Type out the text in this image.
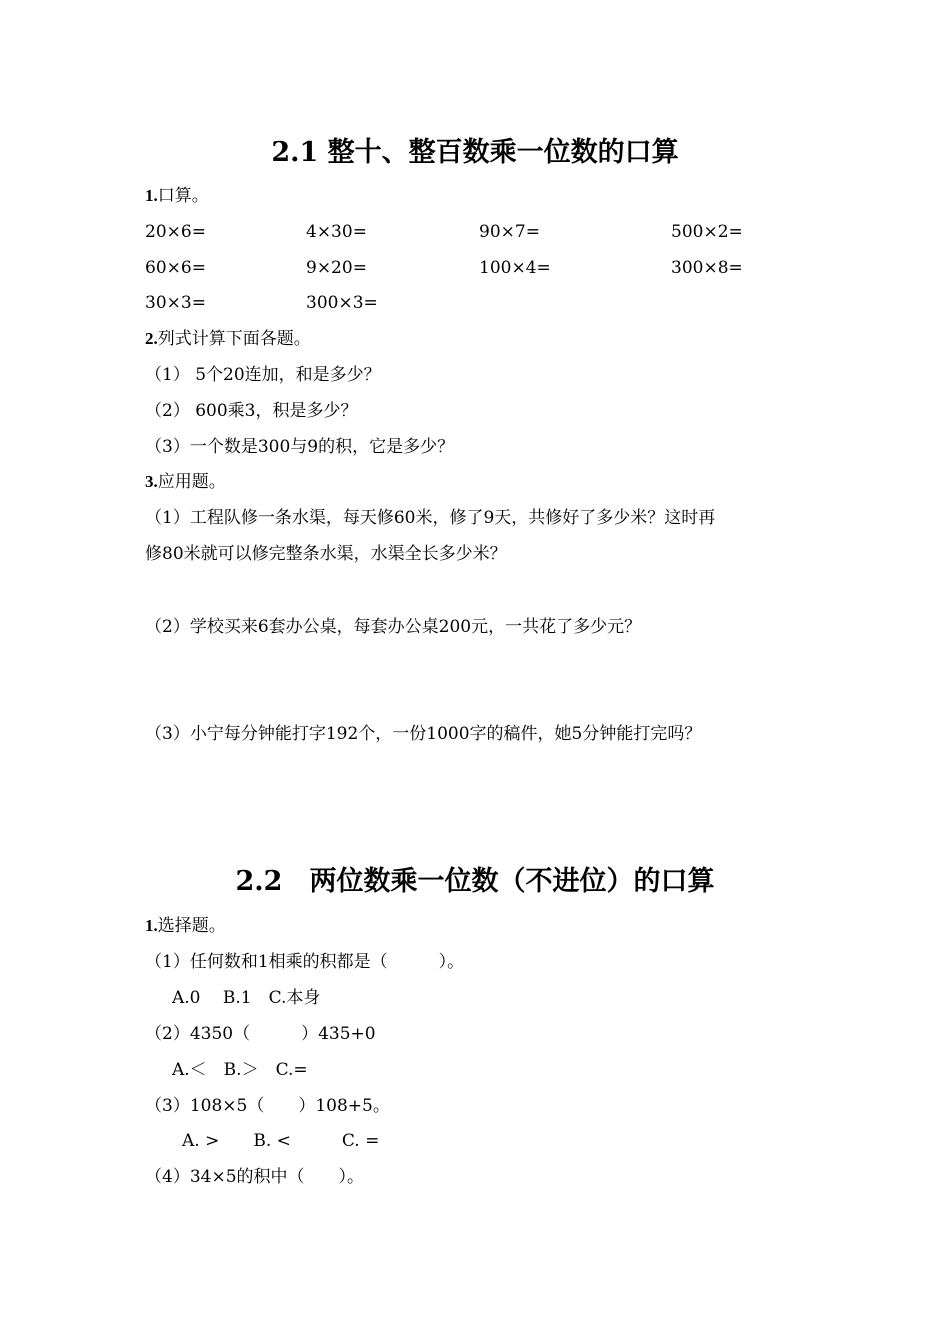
2.1 整十、整百数乘一位数的口算
1.口算。
20×6=	4×30=	90×7=	500×2=
60×6=	9×20=	100×4=	300×8=
30×3=	300×3=
2.列式计算下面各题。
（1） 5个20连加，和是多少？
（2） 600乘3，积是多少？
（3）一个数是300与9的积，它是多少？
3.应用题。
（1）工程队修一条水渠，每天修60米，修了9天，共修好了多少米？这时再
修80米就可以修完整条水渠，水渠全长多少米？
（2）学校买来6套办公桌，每套办公桌200元，一共花了多少元？
（3）小宁每分钟能打字192个，一份1000字的稿件，她5分钟能打完吗？
2.2　两位数乘一位数（不进位）的口算
1.选择题。
（1）任何数和1相乘的积都是（　　　）。
A.0　 B.1　C.本身
（2）4350（　　　）435+0
A.＜　B.＞　C.=
（3）108×5（　　）108+5。
A. >　　B. <　　　C. =
（4）34×5的积中（　　）。
